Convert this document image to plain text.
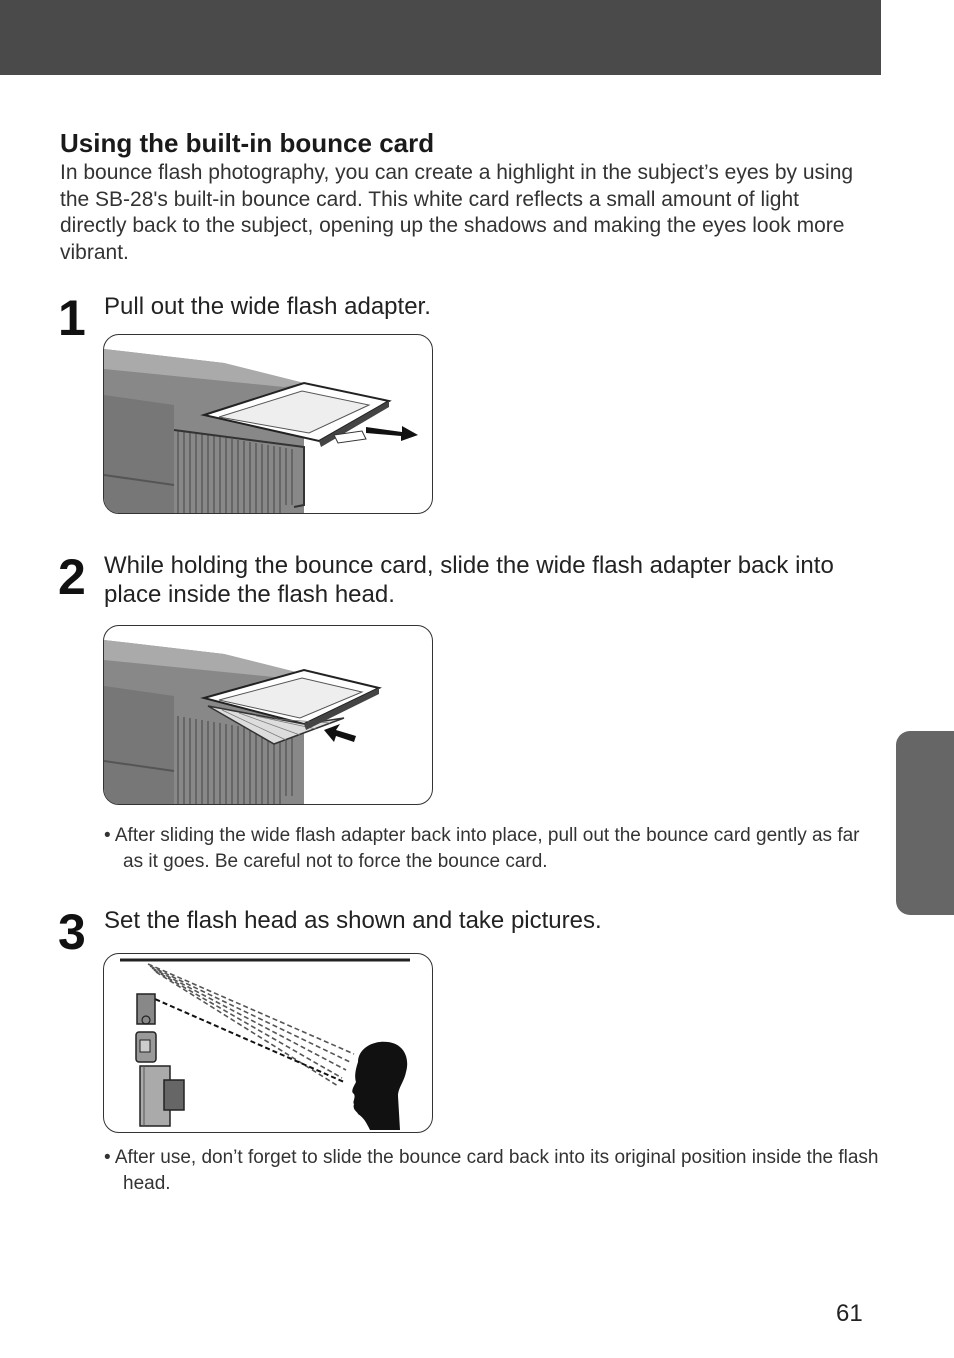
Using the built-in bounce card

In bounce flash photography, you can create a highlight in the subject’s eyes by using the SB-28's built-in bounce card. This white card reflects a small amount of light directly back to the subject, opening up the shadows and making the eyes look more vibrant.

1 Pull out the wide flash adapter.

2 While holding the bounce card, slide the wide flash adapter back into place inside the flash head.

• After sliding the wide flash adapter back into place, pull out the bounce card gently as far as it goes. Be careful not to force the bounce card.

3 Set the flash head as shown and take pictures.

• After use, don’t forget to slide the bounce card back into its original position inside the flash head.

61
